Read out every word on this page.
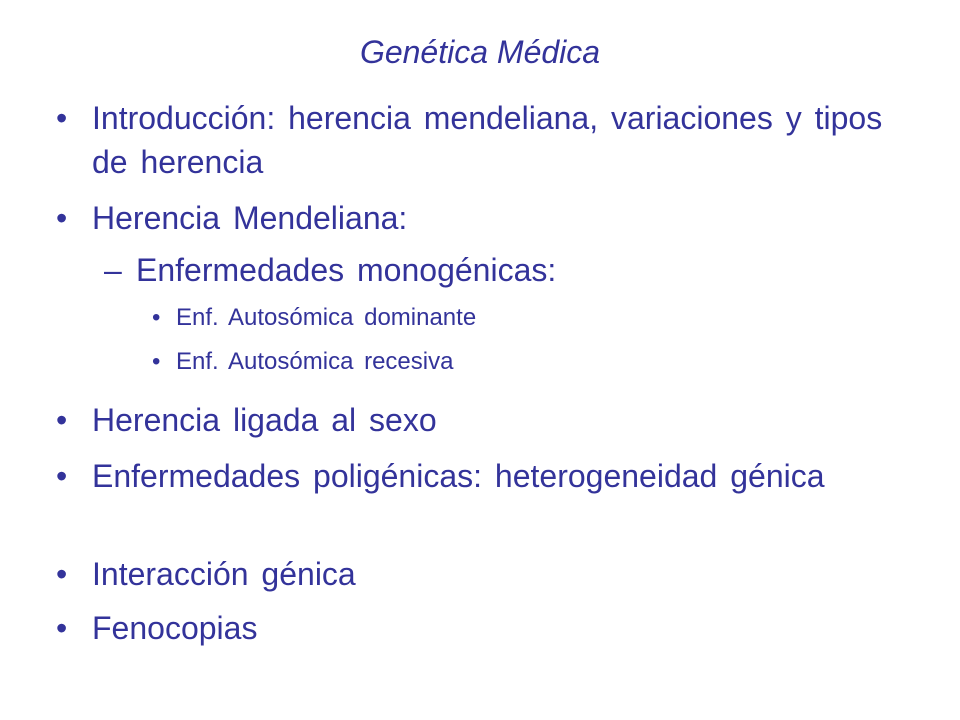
Genética Médica
• Introducción: herencia mendeliana, variaciones y tipos de herencia
• Herencia Mendeliana:
– Enfermedades monogénicas:
• Enf. Autosómica dominante
• Enf. Autosómica recesiva
• Herencia ligada al sexo
• Enfermedades poligénicas: heterogeneidad génica
• Interacción génica
• Fenocopias
